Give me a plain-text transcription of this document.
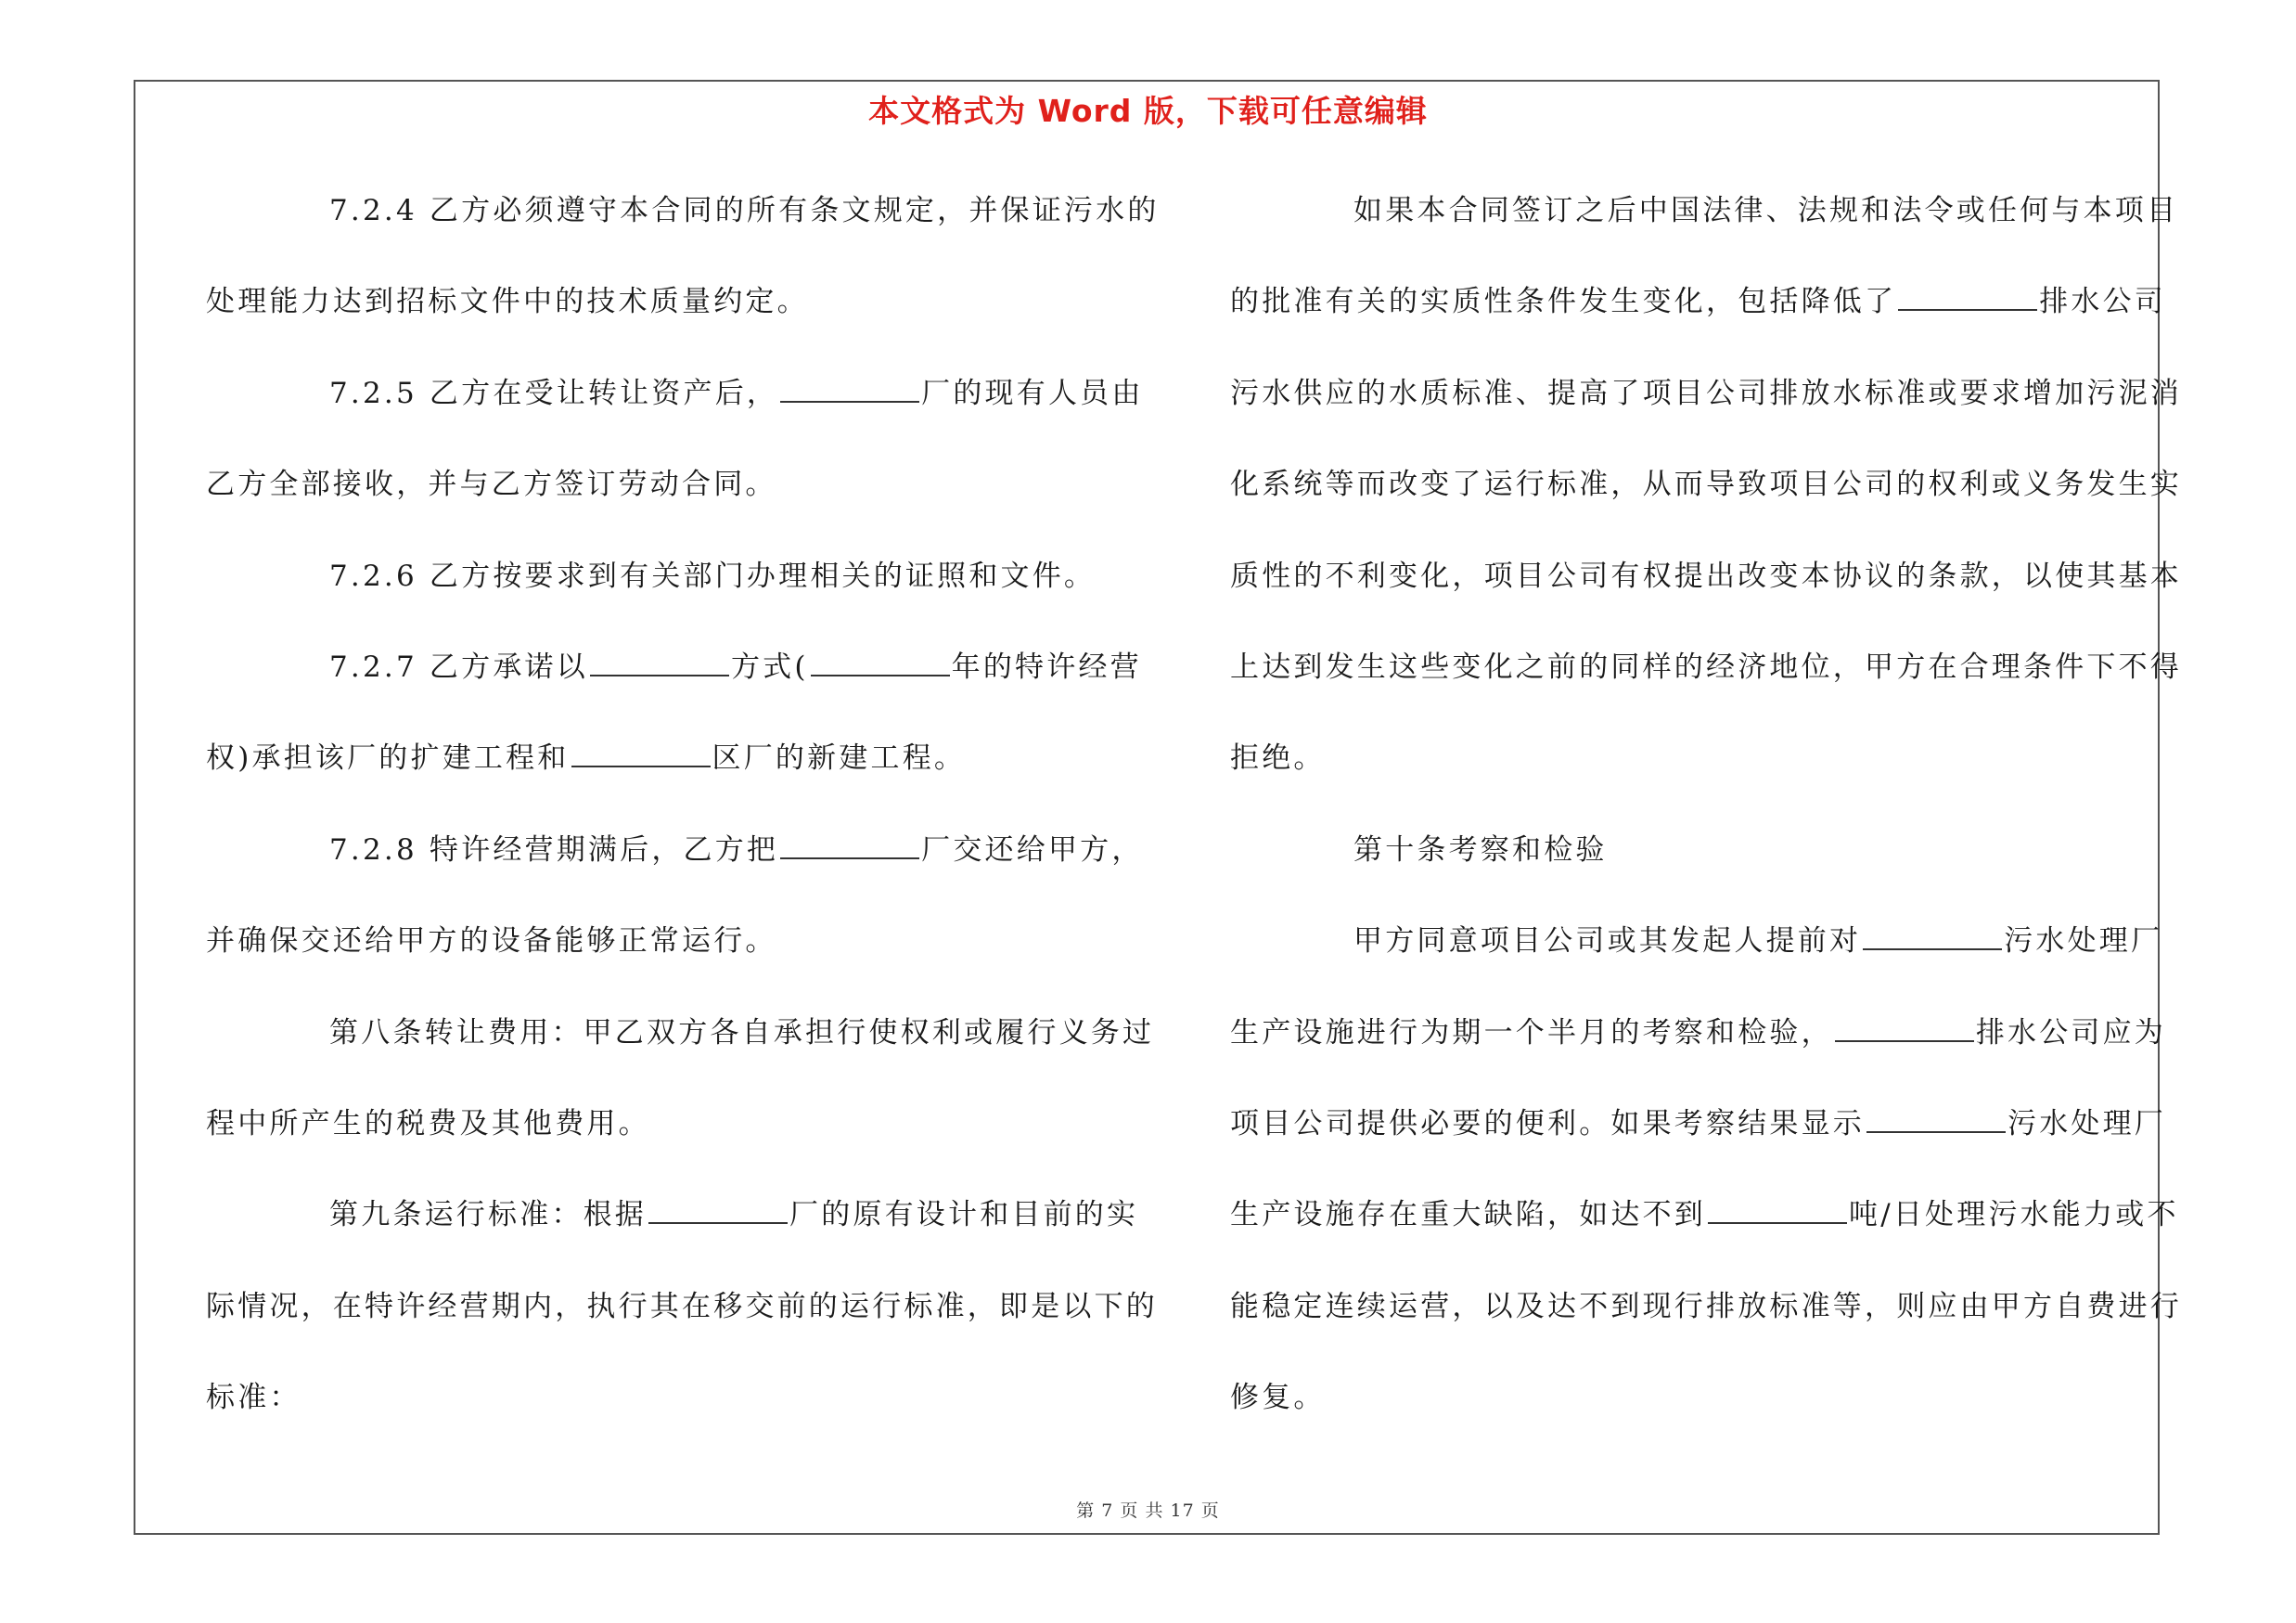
本文格式为 Word 版，下载可任意编辑
7.2.4 乙方必须遵守本合同的所有条文规定，并保证污水的
处理能力达到招标文件中的技术质量约定。
7.2.5 乙方在受让转让资产后，	厂的现有人员由
乙方全部接收，并与乙方签订劳动合同。
7.2.6 乙方按要求到有关部门办理相关的证照和文件。
7.2.7 乙方承诺以	方式(	年的特许经营
权)承担该厂的扩建工程和	区厂的新建工程。
7.2.8 特许经营期满后，乙方把	厂交还给甲方，
并确保交还给甲方的设备能够正常运行。
第八条转让费用：甲乙双方各自承担行使权利或履行义务过
程中所产生的税费及其他费用。
第九条运行标准：根据	厂的原有设计和目前的实
际情况，在特许经营期内，执行其在移交前的运行标准，即是以下的
标准：
如果本合同签订之后中国法律、法规和法令或任何与本项目
的批准有关的实质性条件发生变化，包括降低了	排水公司
污水供应的水质标准、提高了项目公司排放水标准或要求增加污泥消
化系统等而改变了运行标准，从而导致项目公司的权利或义务发生实
质性的不利变化，项目公司有权提出改变本协议的条款，以使其基本
上达到发生这些变化之前的同样的经济地位，甲方在合理条件下不得
拒绝。
第十条考察和检验
甲方同意项目公司或其发起人提前对	污水处理厂
生产设施进行为期一个半月的考察和检验，	排水公司应为
项目公司提供必要的便利。如果考察结果显示	污水处理厂
生产设施存在重大缺陷，如达不到	吨/日处理污水能力或不
能稳定连续运营，以及达不到现行排放标准等，则应由甲方自费进行
修复。
第 7 页 共 17 页
